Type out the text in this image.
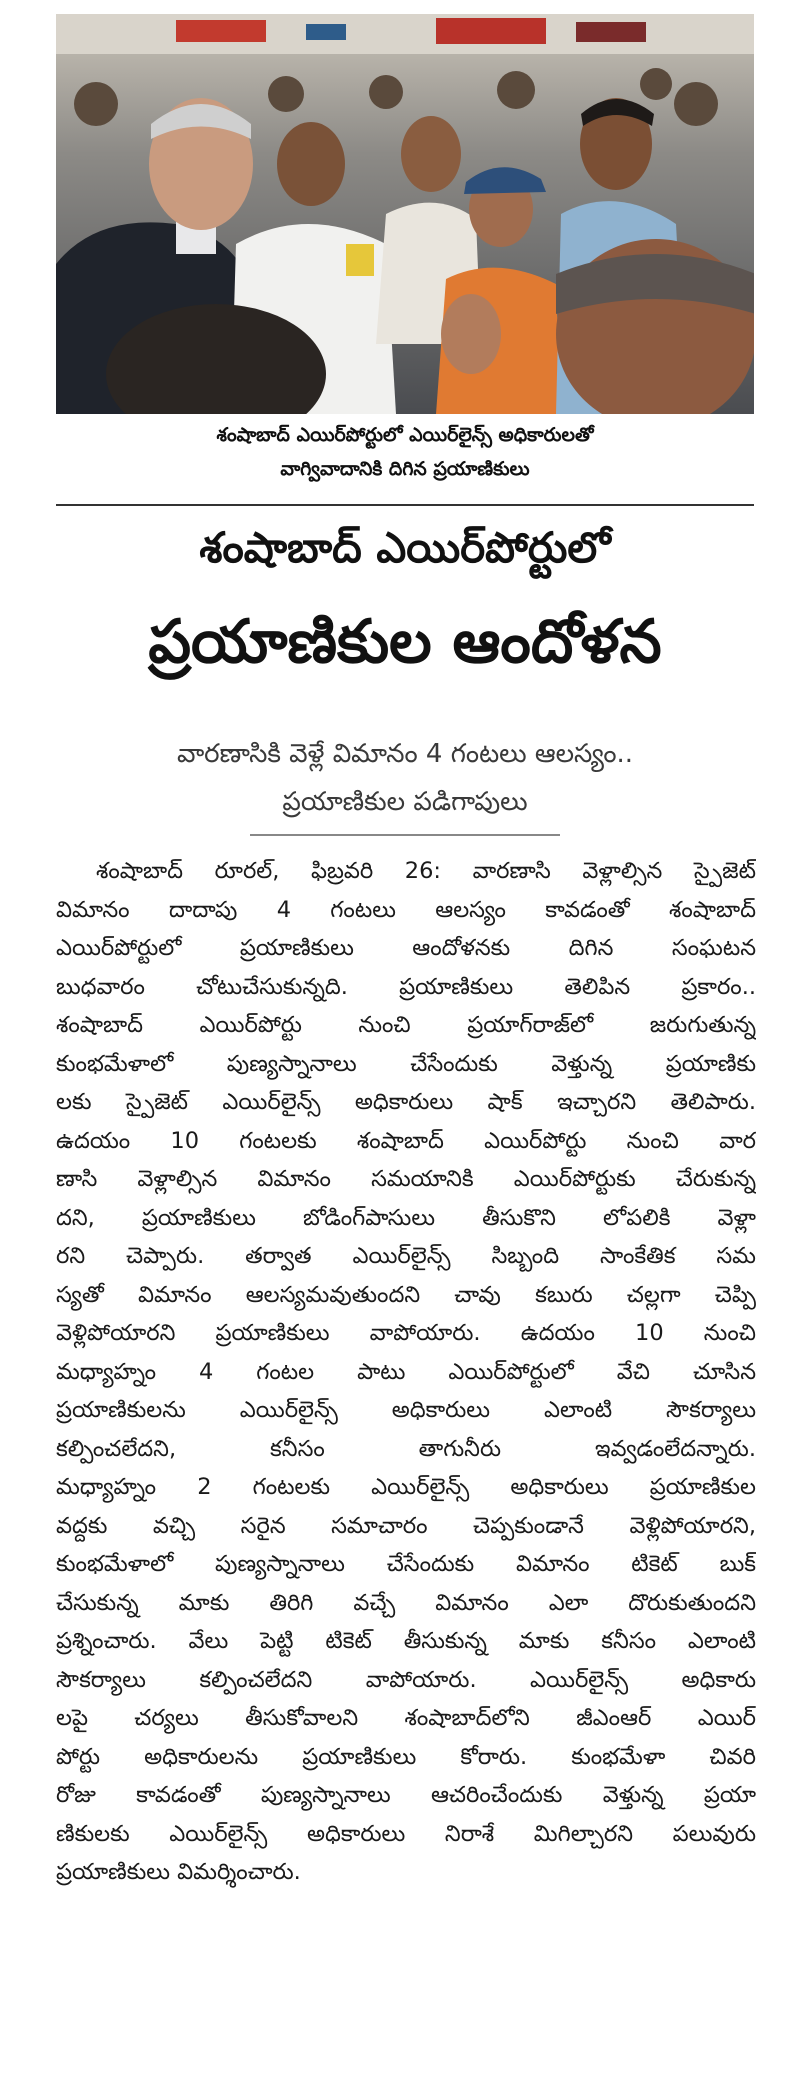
శంషాబాద్ ఎయిర్‌పోర్టులో ఎయిర్‌లైన్స్ అధికారులతో
వాగ్వివాదానికి దిగిన ప్రయాణికులు
శంషాబాద్ ఎయిర్‌పోర్టులో
ప్రయాణికుల ఆందోళన
వారణాసికి వెళ్లే విమానం 4 గంటలు ఆలస్యం..
ప్రయాణికుల పడిగాపులు
శంషాబాద్ రూరల్, ఫిబ్రవరి 26: వారణాసి వెళ్లాల్సిన స్పైజెట్
విమానం దాదాపు 4 గంటలు ఆలస్యం కావడంతో శంషాబాద్
ఎయిర్‌పోర్టులో ప్రయాణికులు ఆందోళనకు దిగిన సంఘటన
బుధవారం చోటుచేసుకున్నది. ప్రయాణికులు తెలిపిన ప్రకారం..
శంషాబాద్ ఎయిర్‌పోర్టు నుంచి ప్రయాగ్‌రాజ్‌లో జరుగుతున్న
కుంభమేళాలో పుణ్యస్నానాలు చేసేందుకు వెళ్తున్న ప్రయాణికు
లకు స్పైజెట్ ఎయిర్‌లైన్స్ అధికారులు షాక్ ఇచ్చారని తెలిపారు.
ఉదయం 10 గంటలకు శంషాబాద్ ఎయిర్‌పోర్టు నుంచి వార
ణాసి వెళ్లాల్సిన విమానం సమయానికి ఎయిర్‌పోర్టుకు చేరుకున్న
దని, ప్రయాణికులు బోడింగ్‌పాసులు తీసుకొని లోపలికి వెళ్లా
రని చెప్పారు. తర్వాత ఎయిర్‌లైన్స్ సిబ్బంది సాంకేతిక సమ
స్యతో విమానం ఆలస్యమవుతుందని చావు కబురు చల్లగా చెప్పి
వెళ్లిపోయారని ప్రయాణికులు వాపోయారు. ఉదయం 10 నుంచి
మధ్యాహ్నం 4 గంటల పాటు ఎయిర్‌పోర్టులో వేచి చూసిన
ప్రయాణికులను ఎయిర్‌లైన్స్ అధికారులు ఎలాంటి సౌకర్యాలు
కల్పించలేదని, కనీసం తాగునీరు ఇవ్వడంలేదన్నారు.
మధ్యాహ్నం 2 గంటలకు ఎయిర్‌లైన్స్ అధికారులు ప్రయాణికుల
వద్దకు వచ్చి సరైన సమాచారం చెప్పకుండానే వెళ్లిపోయారని,
కుంభమేళాలో పుణ్యస్నానాలు చేసేందుకు విమానం టికెట్ బుక్
చేసుకున్న మాకు తిరిగి వచ్చే విమానం ఎలా దొరుకుతుందని
ప్రశ్నించారు. వేలు పెట్టి టికెట్ తీసుకున్న మాకు కనీసం ఎలాంటి
సౌకర్యాలు కల్పించలేదని వాపోయారు. ఎయిర్‌లైన్స్ అధికారు
లపై చర్యలు తీసుకోవాలని శంషాబాద్‌లోని జీఎంఆర్ ఎయిర్
పోర్టు అధికారులను ప్రయాణికులు కోరారు. కుంభమేళా చివరి
రోజు కావడంతో పుణ్యస్నానాలు ఆచరించేందుకు వెళ్తున్న ప్రయా
ణికులకు ఎయిర్‌లైన్స్ అధికారులు నిరాశే మిగిల్చారని పలువురు
ప్రయాణికులు విమర్శించారు.
